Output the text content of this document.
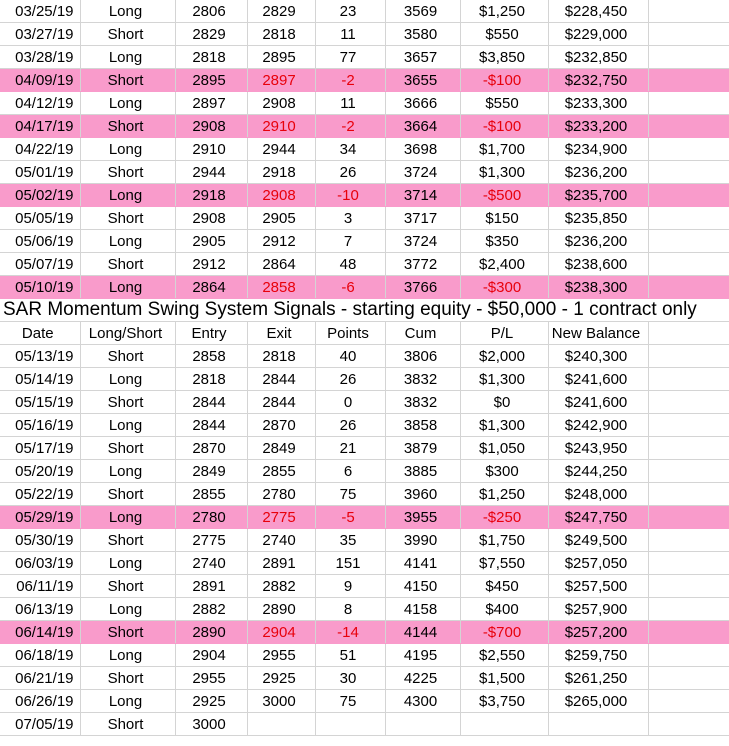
03/25/19	Long	2806	2829	23	3569	$1,250	$228,450	
03/27/19	Short	2829	2818	11	3580	$550	$229,000	
03/28/19	Long	2818	2895	77	3657	$3,850	$232,850	
04/09/19	Short	2895	2897	-2	3655	-$100	$232,750	
04/12/19	Long	2897	2908	11	3666	$550	$233,300	
04/17/19	Short	2908	2910	-2	3664	-$100	$233,200	
04/22/19	Long	2910	2944	34	3698	$1,700	$234,900	
05/01/19	Short	2944	2918	26	3724	$1,300	$236,200	
05/02/19	Long	2918	2908	-10	3714	-$500	$235,700	
05/05/19	Short	2908	2905	3	3717	$150	$235,850	
05/06/19	Long	2905	2912	7	3724	$350	$236,200	
05/07/19	Short	2912	2864	48	3772	$2,400	$238,600	
05/10/19	Long	2864	2858	-6	3766	-$300	$238,300	
SAR Momentum Swing System Signals - starting equity - $50,000 - 1 contract only								
Date	Long/Short	Entry	Exit	Points	Cum	P/L	New Balance	
05/13/19	Short	2858	2818	40	3806	$2,000	$240,300	
05/14/19	Long	2818	2844	26	3832	$1,300	$241,600	
05/15/19	Short	2844	2844	0	3832	$0	$241,600	
05/16/19	Long	2844	2870	26	3858	$1,300	$242,900	
05/17/19	Short	2870	2849	21	3879	$1,050	$243,950	
05/20/19	Long	2849	2855	6	3885	$300	$244,250	
05/22/19	Short	2855	2780	75	3960	$1,250	$248,000	
05/29/19	Long	2780	2775	-5	3955	-$250	$247,750	
05/30/19	Short	2775	2740	35	3990	$1,750	$249,500	
06/03/19	Long	2740	2891	151	4141	$7,550	$257,050	
06/11/19	Short	2891	2882	9	4150	$450	$257,500	
06/13/19	Long	2882	2890	8	4158	$400	$257,900	
06/14/19	Short	2890	2904	-14	4144	-$700	$257,200	
06/18/19	Long	2904	2955	51	4195	$2,550	$259,750	
06/21/19	Short	2955	2925	30	4225	$1,500	$261,250	
06/26/19	Long	2925	3000	75	4300	$3,750	$265,000	
07/05/19	Short	3000						
